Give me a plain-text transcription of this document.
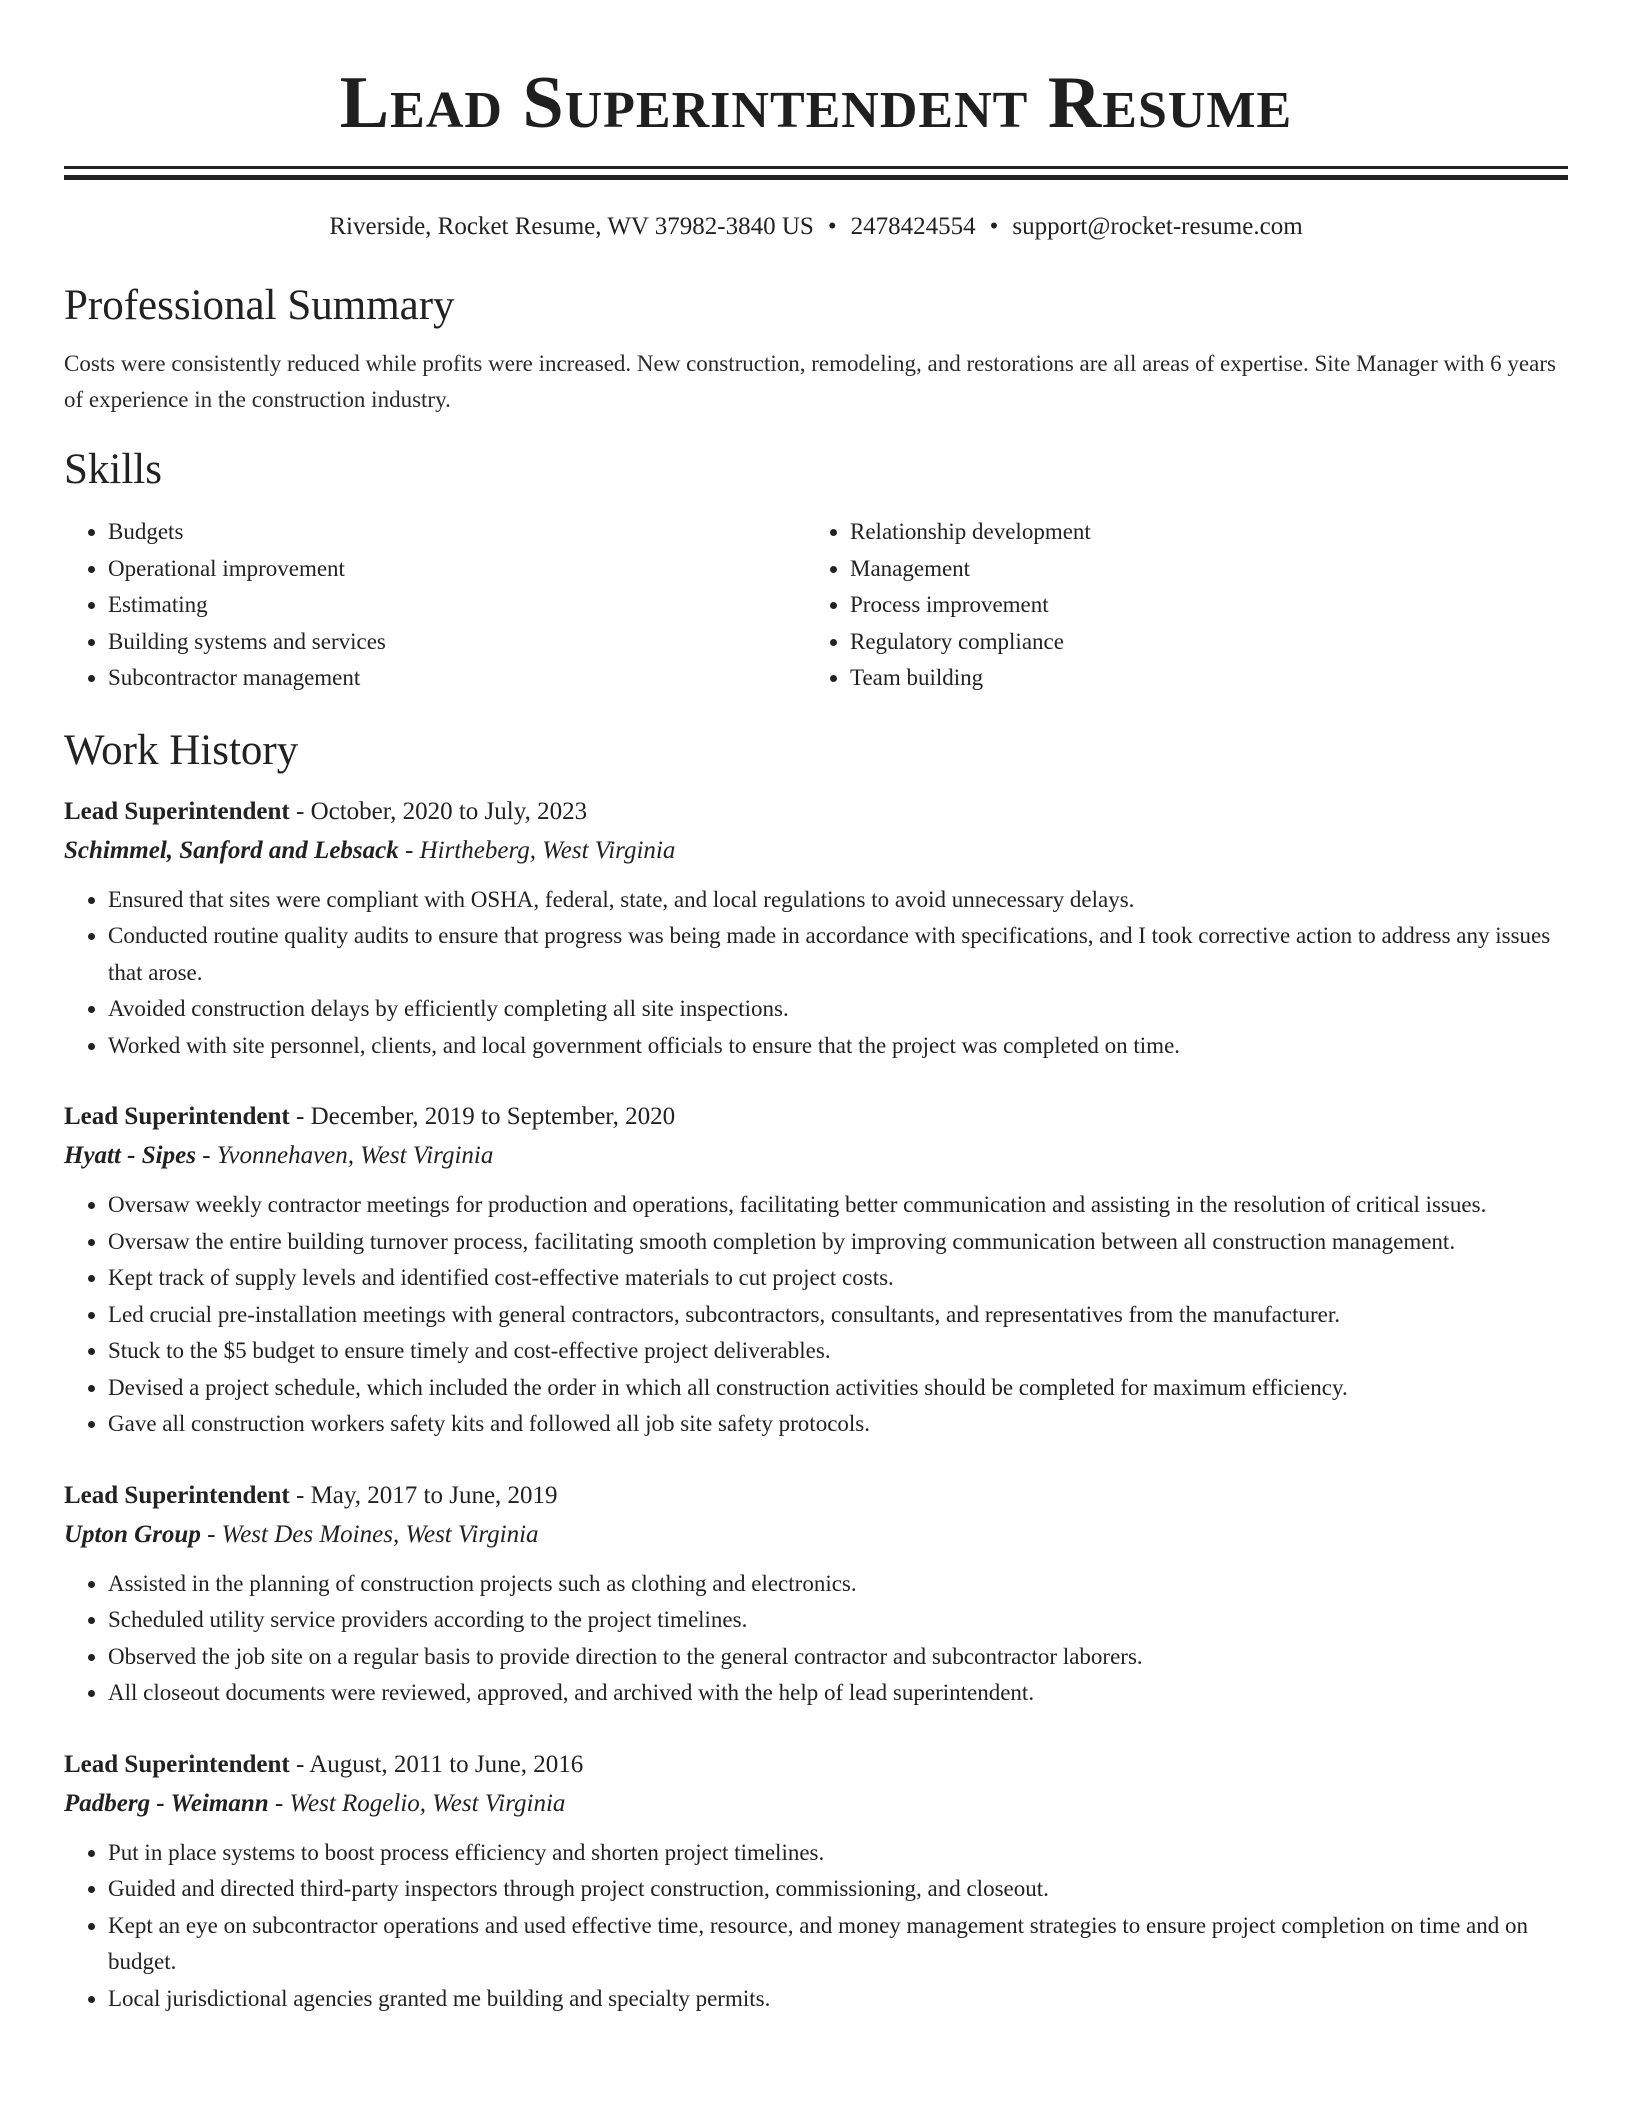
Lead Superintendent Resume
Riverside, Rocket Resume, WV 37982-3840 US • 2478424554 • support@rocket-resume.com
Professional Summary
Costs were consistently reduced while profits were increased. New construction, remodeling, and restorations are all areas of expertise. Site Manager with 6 years of experience in the construction industry.
Skills
• Budgets
• Operational improvement
• Estimating
• Building systems and services
• Subcontractor management
• Relationship development
• Management
• Process improvement
• Regulatory compliance
• Team building
Work History
Lead Superintendent - October, 2020 to July, 2023
Schimmel, Sanford and Lebsack - Hirtheberg, West Virginia
• Ensured that sites were compliant with OSHA, federal, state, and local regulations to avoid unnecessary delays.
• Conducted routine quality audits to ensure that progress was being made in accordance with specifications, and I took corrective action to address any issues that arose.
• Avoided construction delays by efficiently completing all site inspections.
• Worked with site personnel, clients, and local government officials to ensure that the project was completed on time.
Lead Superintendent - December, 2019 to September, 2020
Hyatt - Sipes - Yvonnehaven, West Virginia
• Oversaw weekly contractor meetings for production and operations, facilitating better communication and assisting in the resolution of critical issues.
• Oversaw the entire building turnover process, facilitating smooth completion by improving communication between all construction management.
• Kept track of supply levels and identified cost-effective materials to cut project costs.
• Led crucial pre-installation meetings with general contractors, subcontractors, consultants, and representatives from the manufacturer.
• Stuck to the $5 budget to ensure timely and cost-effective project deliverables.
• Devised a project schedule, which included the order in which all construction activities should be completed for maximum efficiency.
• Gave all construction workers safety kits and followed all job site safety protocols.
Lead Superintendent - May, 2017 to June, 2019
Upton Group - West Des Moines, West Virginia
• Assisted in the planning of construction projects such as clothing and electronics.
• Scheduled utility service providers according to the project timelines.
• Observed the job site on a regular basis to provide direction to the general contractor and subcontractor laborers.
• All closeout documents were reviewed, approved, and archived with the help of lead superintendent.
Lead Superintendent - August, 2011 to June, 2016
Padberg - Weimann - West Rogelio, West Virginia
• Put in place systems to boost process efficiency and shorten project timelines.
• Guided and directed third-party inspectors through project construction, commissioning, and closeout.
• Kept an eye on subcontractor operations and used effective time, resource, and money management strategies to ensure project completion on time and on budget.
• Local jurisdictional agencies granted me building and specialty permits.
